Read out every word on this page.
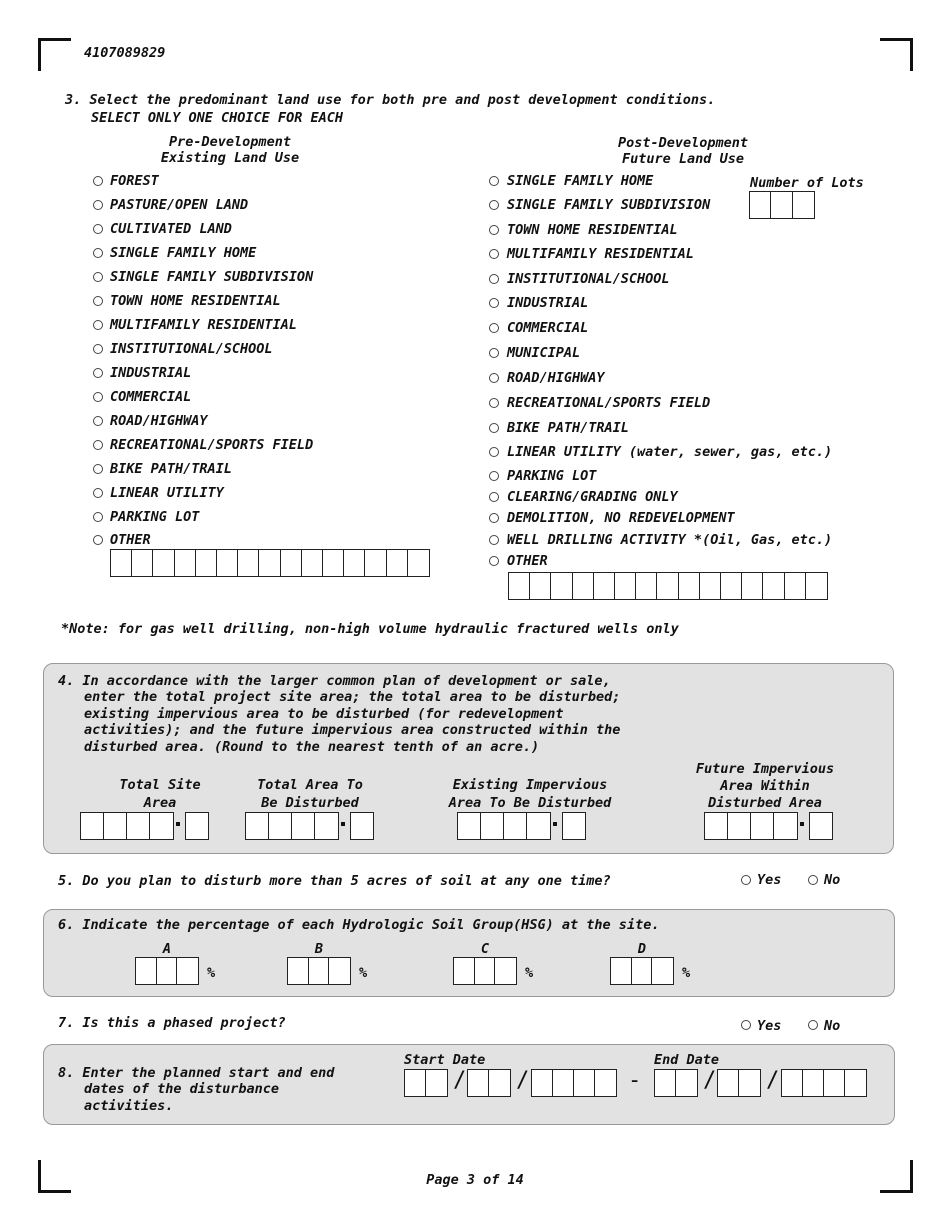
4107089829
3. Select the predominant land use for both pre and post development conditions.
SELECT ONLY ONE CHOICE FOR EACH
Pre-Development
Existing Land Use
Post-Development
Future Land Use
FOREST
PASTURE/OPEN LAND
CULTIVATED LAND
SINGLE FAMILY HOME
SINGLE FAMILY SUBDIVISION
TOWN HOME RESIDENTIAL
MULTIFAMILY RESIDENTIAL
INSTITUTIONAL/SCHOOL
INDUSTRIAL
COMMERCIAL
ROAD/HIGHWAY
RECREATIONAL/SPORTS FIELD
BIKE PATH/TRAIL
LINEAR UTILITY
PARKING LOT
OTHER
SINGLE FAMILY HOME
SINGLE FAMILY SUBDIVISION
TOWN HOME RESIDENTIAL
MULTIFAMILY RESIDENTIAL
INSTITUTIONAL/SCHOOL
INDUSTRIAL
COMMERCIAL
MUNICIPAL
ROAD/HIGHWAY
RECREATIONAL/SPORTS FIELD
BIKE PATH/TRAIL
LINEAR UTILITY (water, sewer, gas, etc.)
PARKING LOT
CLEARING/GRADING ONLY
DEMOLITION, NO REDEVELOPMENT
WELL DRILLING ACTIVITY *(Oil, Gas, etc.)
OTHER
Number of Lots
*Note: for gas well drilling, non-high volume hydraulic fractured wells only
4. In accordance with the larger common plan of development or sale,
enter the total project site area; the total area to be disturbed;
existing impervious area to be disturbed (for redevelopment
activities); and the future impervious area constructed within the
disturbed area. (Round to the nearest tenth of an acre.)
Total Site
Area
Total Area To
Be Disturbed
Existing Impervious
Area To Be Disturbed
Future Impervious
Area Within
Disturbed Area
5. Do you plan to disturb more than 5 acres of soil at any one time?	Yes	No
6. Indicate the percentage of each Hydrologic Soil Group(HSG) at the site.
A
%
B
%
C
%
D
%
7. Is this a phased project?	Yes	No
8. Enter the planned start and end
dates of the disturbance
activities.
Start Date	End Date
/ /	-	/ /
Page 3 of 14
